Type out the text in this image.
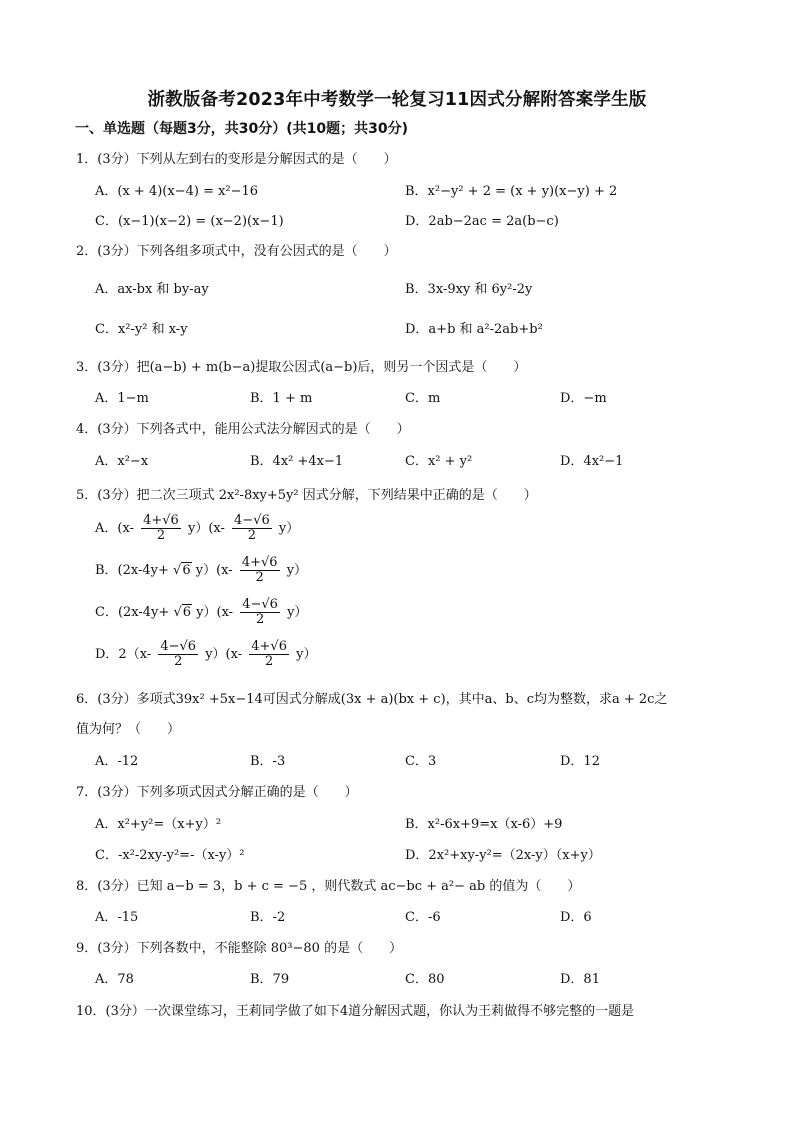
浙教版备考2023年中考数学一轮复习11因式分解附答案学生版
一、单选题（每题3分，共30分）(共10题；共30分)
1．(3分）下列从左到右的变形是分解因式的是（　　）
A．(x + 4)(x−4) = x²−16	B．x²−y² + 2 = (x + y)(x−y) + 2
C．(x−1)(x−2) = (x−2)(x−1)	D．2ab−2ac = 2a(b−c)
2．(3分）下列各组多项式中，没有公因式的是（　　）
A．ax-bx 和 by-ay	B．3x-9xy 和 6y²-2y
C．x²-y² 和 x-y	D．a+b 和 a²-2ab+b²
3．(3分）把(a−b) + m(b−a)提取公因式(a−b)后，则另一个因式是（　　）
A．1−m	B．1 + m	C．m	D．−m
4．(3分）下列各式中，能用公式法分解因式的是（　　）
A．x²−x	B．4x² +4x−1	C．x² + y²	D．4x²−1
5．(3分）把二次三项式 2x²-8xy+5y² 因式分解，下列结果中正确的是（　　）
A．$(x- \frac{4+√6}{2} y)(x- \frac{4-√6}{2} y)$
B．(2x-4y+ √6 $y)(x- \frac{4+√6}{2} y)$
C．(2x-4y+ √6 $y)(x- \frac{4-√6}{2} y)$
D．$2(x- \frac{4-√6}{2} y)(x- \frac{4+√6}{2} y)$
6．(3分）多项式39x² +5x−14可因式分解成(3x + a)(bx + c)，其中a、b、c均为整数，求a + 2c之
值为何？（　　）
A．-12	B．-3	C．3	D．12
7．(3分）下列多项式因式分解正确的是（　　）
A．x²+y²=（x+y）²	B．x²-6x+9=x（x-6）+9
C．-x²-2xy-y²=-（x-y）²	D．2x²+xy-y²=（2x-y）（x+y）
8．(3分）已知 a−b = 3，b + c = −5 ，则代数式 ac−bc + a²− ab 的值为（　　）
A．-15	B．-2	C．-6	D．6
9．(3分）下列各数中，不能整除 80³−80 的是（　　）
A．78	B．79	C．80	D．81
10．(3分）一次课堂练习，王莉同学做了如下4道分解因式题，你认为王莉做得不够完整的一题是
